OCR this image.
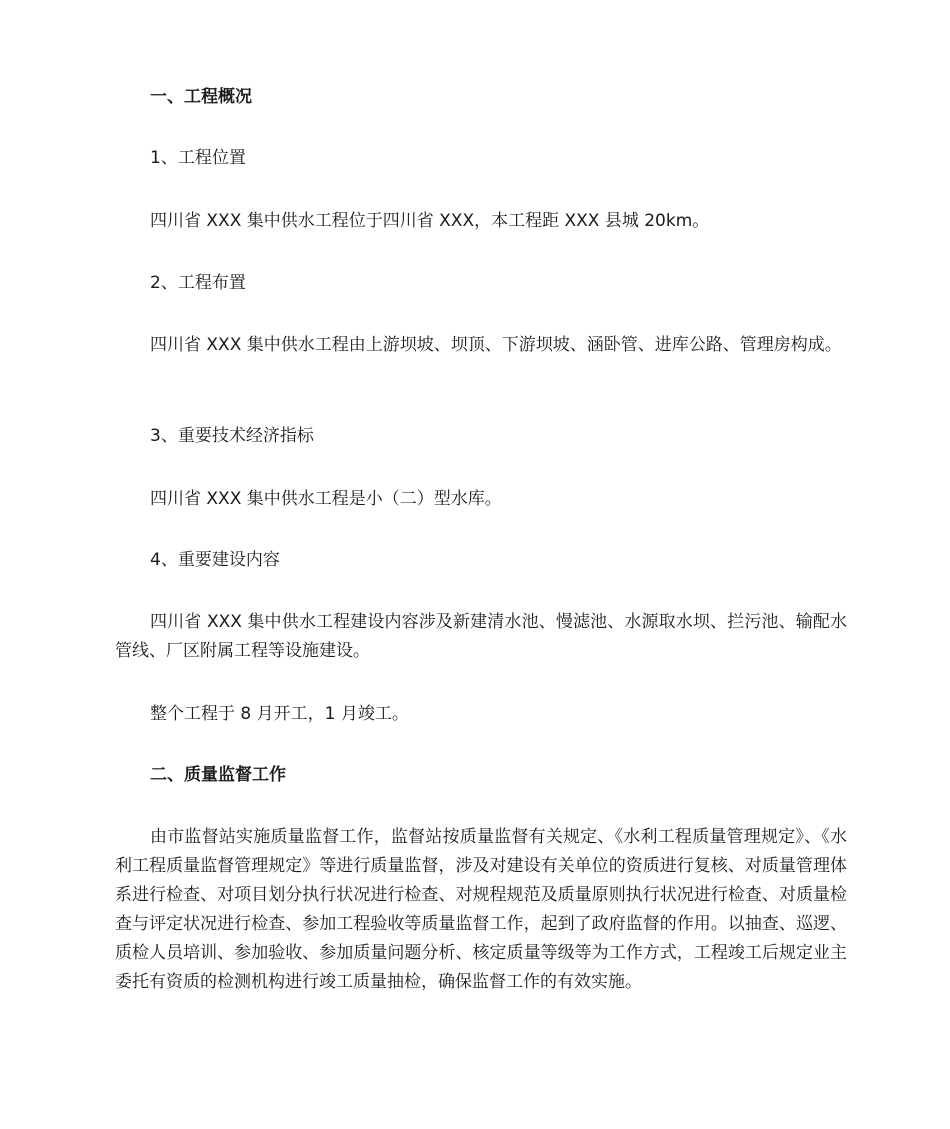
一、工程概况

1、工程位置

四川省 XXX 集中供水工程位于四川省 XXX，本工程距 XXX 县城 20km。

2、工程布置

四川省 XXX 集中供水工程由上游坝坡、坝顶、下游坝坡、涵卧管、进库公路、管理房构成。

3、重要技术经济指标

四川省 XXX 集中供水工程是小（二）型水库。

4、重要建设内容

四川省 XXX 集中供水工程建设内容涉及新建清水池、慢滤池、水源取水坝、拦污池、输配水管线、厂区附属工程等设施建设。

整个工程于 8 月开工，1 月竣工。

二、质量监督工作

由市监督站实施质量监督工作，监督站按质量监督有关规定、《水利工程质量管理规定》、《水利工程质量监督管理规定》等进行质量监督，涉及对建设有关单位的资质进行复核、对质量管理体系进行检查、对项目划分执行状况进行检查、对规程规范及质量原则执行状况进行检查、对质量检查与评定状况进行检查、参加工程验收等质量监督工作，起到了政府监督的作用。以抽查、巡逻、质检人员培训、参加验收、参加质量问题分析、核定质量等级等为工作方式，工程竣工后规定业主委托有资质的检测机构进行竣工质量抽检，确保监督工作的有效实施。
